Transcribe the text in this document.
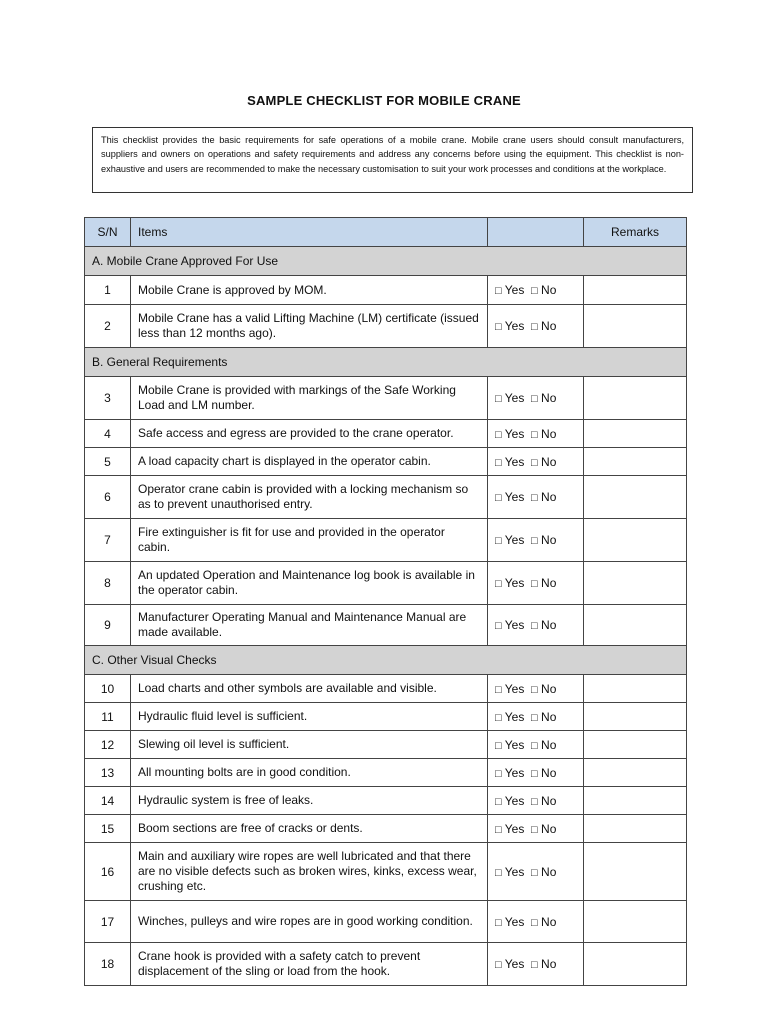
SAMPLE CHECKLIST FOR MOBILE CRANE
This checklist provides the basic requirements for safe operations of a mobile crane. Mobile crane users should consult manufacturers, suppliers and owners on operations and safety requirements and address any concerns before using the equipment. This checklist is non-exhaustive and users are recommended to make the necessary customisation to suit your work processes and conditions at the workplace.
S/N	Items		Remarks
A. Mobile Crane Approved For Use			
1	Mobile Crane is approved by MOM.	□ Yes □ No	
2	Mobile Crane has a valid Lifting Machine (LM) certificate (issued less than 12 months ago).	□ Yes □ No	
B. General Requirements			
3	Mobile Crane is provided with markings of the Safe Working Load and LM number.	□ Yes □ No	
4	Safe access and egress are provided to the crane operator.	□ Yes □ No	
5	A load capacity chart is displayed in the operator cabin.	□ Yes □ No	
6	Operator crane cabin is provided with a locking mechanism so as to prevent unauthorised entry.	□ Yes □ No	
7	Fire extinguisher is fit for use and provided in the operator cabin.	□ Yes □ No	
8	An updated Operation and Maintenance log book is available in the operator cabin.	□ Yes □ No	
9	Manufacturer Operating Manual and Maintenance Manual are made available.	□ Yes □ No	
C. Other Visual Checks			
10	Load charts and other symbols are available and visible.	□ Yes □ No	
11	Hydraulic fluid level is sufficient.	□ Yes □ No	
12	Slewing oil level is sufficient.	□ Yes □ No	
13	All mounting bolts are in good condition.	□ Yes □ No	
14	Hydraulic system is free of leaks.	□ Yes □ No	
15	Boom sections are free of cracks or dents.	□ Yes □ No	
16	Main and auxiliary wire ropes are well lubricated and that there are no visible defects such as broken wires, kinks, excess wear, crushing etc.	□ Yes □ No	
17	Winches, pulleys and wire ropes are in good working condition.	□ Yes □ No	
18	Crane hook is provided with a safety catch to prevent displacement of the sling or load from the hook.	□ Yes □ No	
